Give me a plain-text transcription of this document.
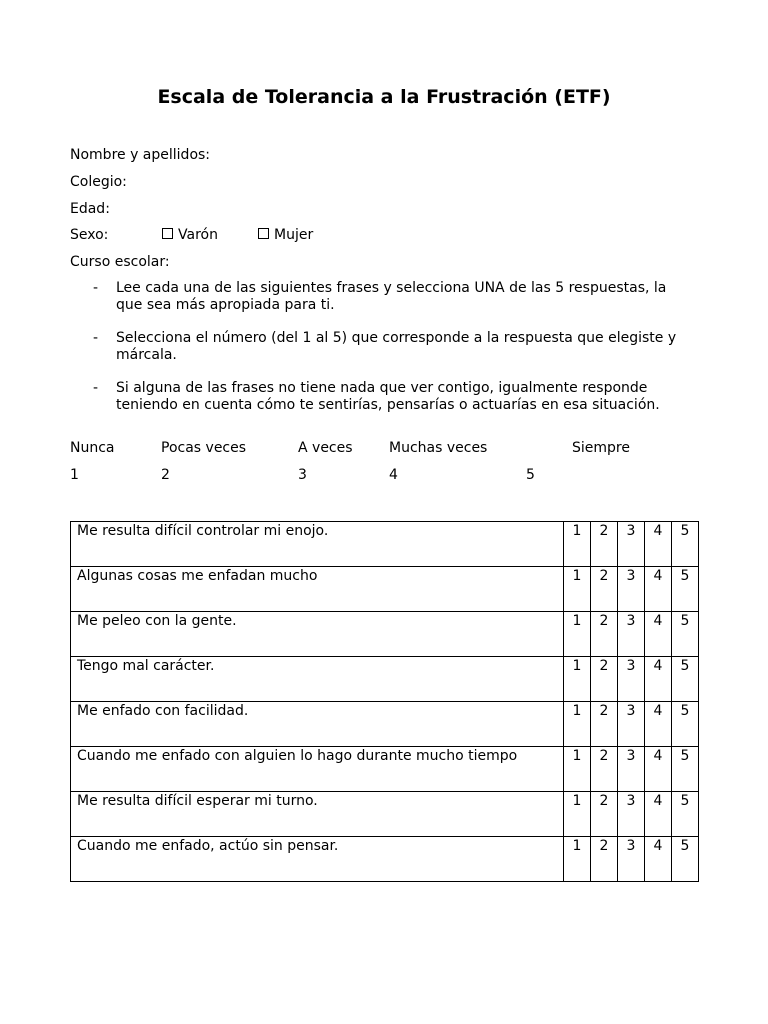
Escala de Tolerancia a la Frustración (ETF)
Nombre y apellidos:
Colegio:
Edad:
Sexo:	Varón	Mujer
Curso escolar:
- Lee cada una de las siguientes frases y selecciona UNA de las 5 respuestas, la que sea más apropiada para ti.
- Selecciona el número (del 1 al 5) que corresponde a la respuesta que elegiste y márcala.
- Si alguna de las frases no tiene nada que ver contigo, igualmente responde teniendo en cuenta cómo te sentirías, pensarías o actuarías en esa situación.
Nunca	Pocas veces	A veces	Muchas veces	Siempre
1	2	3	4	5
Me resulta difícil controlar mi enojo.	1	2	3	4	5

Algunas cosas me enfadan mucho	1	2	3	4	5

Me peleo con la gente.	1	2	3	4	5

Tengo mal carácter.	1	2	3	4	5

Me enfado con facilidad.	1	2	3	4	5

Cuando me enfado con alguien lo hago durante mucho tiempo	1	2	3	4	5

Me resulta difícil esperar mi turno.	1	2	3	4	5

Cuando me enfado, actúo sin pensar.	1	2	3	4	5
